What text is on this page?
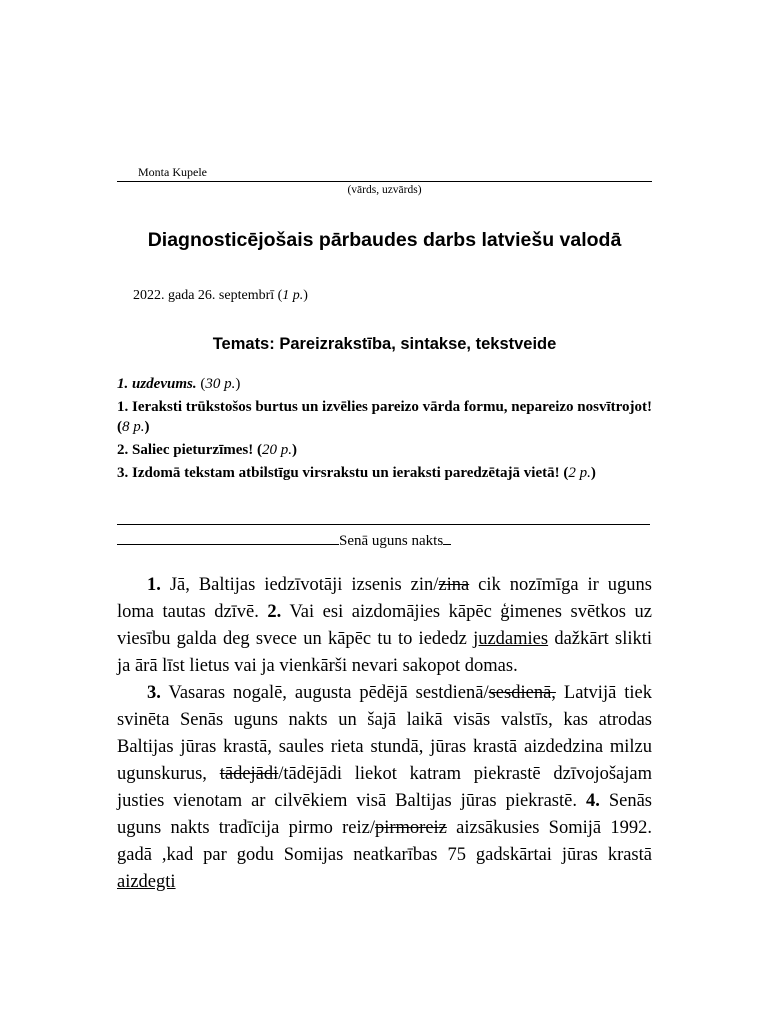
Monta Kupele
(vārds, uzvārds)
Diagnosticējošais pārbaudes darbs latviešu valodā
2022. gada 26. septembrī (1 p.)
Temats: Pareizrakstība, sintakse, tekstveide
1. uzdevums. (30 p.)
1. Ieraksti trūkstošos burtus un izvēlies pareizo vārda formu, nepareizo nosvītrojot! (8 p.)
2. Saliec pieturzīmes! (20 p.)
3. Izdomā tekstam atbilstīgu virsrakstu un ieraksti paredzētajā vietā! (2 p.)
Senā uguns nakts

1. Jā, Baltijas iedzīvotāji izsenis zin/zina cik nozīmīga ir uguns loma tautas dzīvē. 2. Vai esi aizdomājies kāpēc ģimenes svētkos uz viesību galda deg svece un kāpēc tu to iededz juzdamies dažkārt slikti ja ārā līst lietus vai ja vienkārši nevari sakopot domas.

3. Vasaras nogalē, augusta pēdējā sestdienā/sesdienā, Latvijā tiek svinēta Senās uguns nakts un šajā laikā visās valstīs, kas atrodas Baltijas jūras krastā, saules rieta stundā, jūras krastā aizdedzina milzu ugunskurus, tādejādi/tādējādi liekot katram piekrastē dzīvojošajam justies vienotam ar cilvēkiem visā Baltijas jūras piekrastē. 4. Senās uguns nakts tradīcija pirmo reiz/pirmoreiz aizsākusies Somijā 1992. gadā ,kad par godu Somijas neatkarības 75 gadskārtai jūras krastā aizdegti
